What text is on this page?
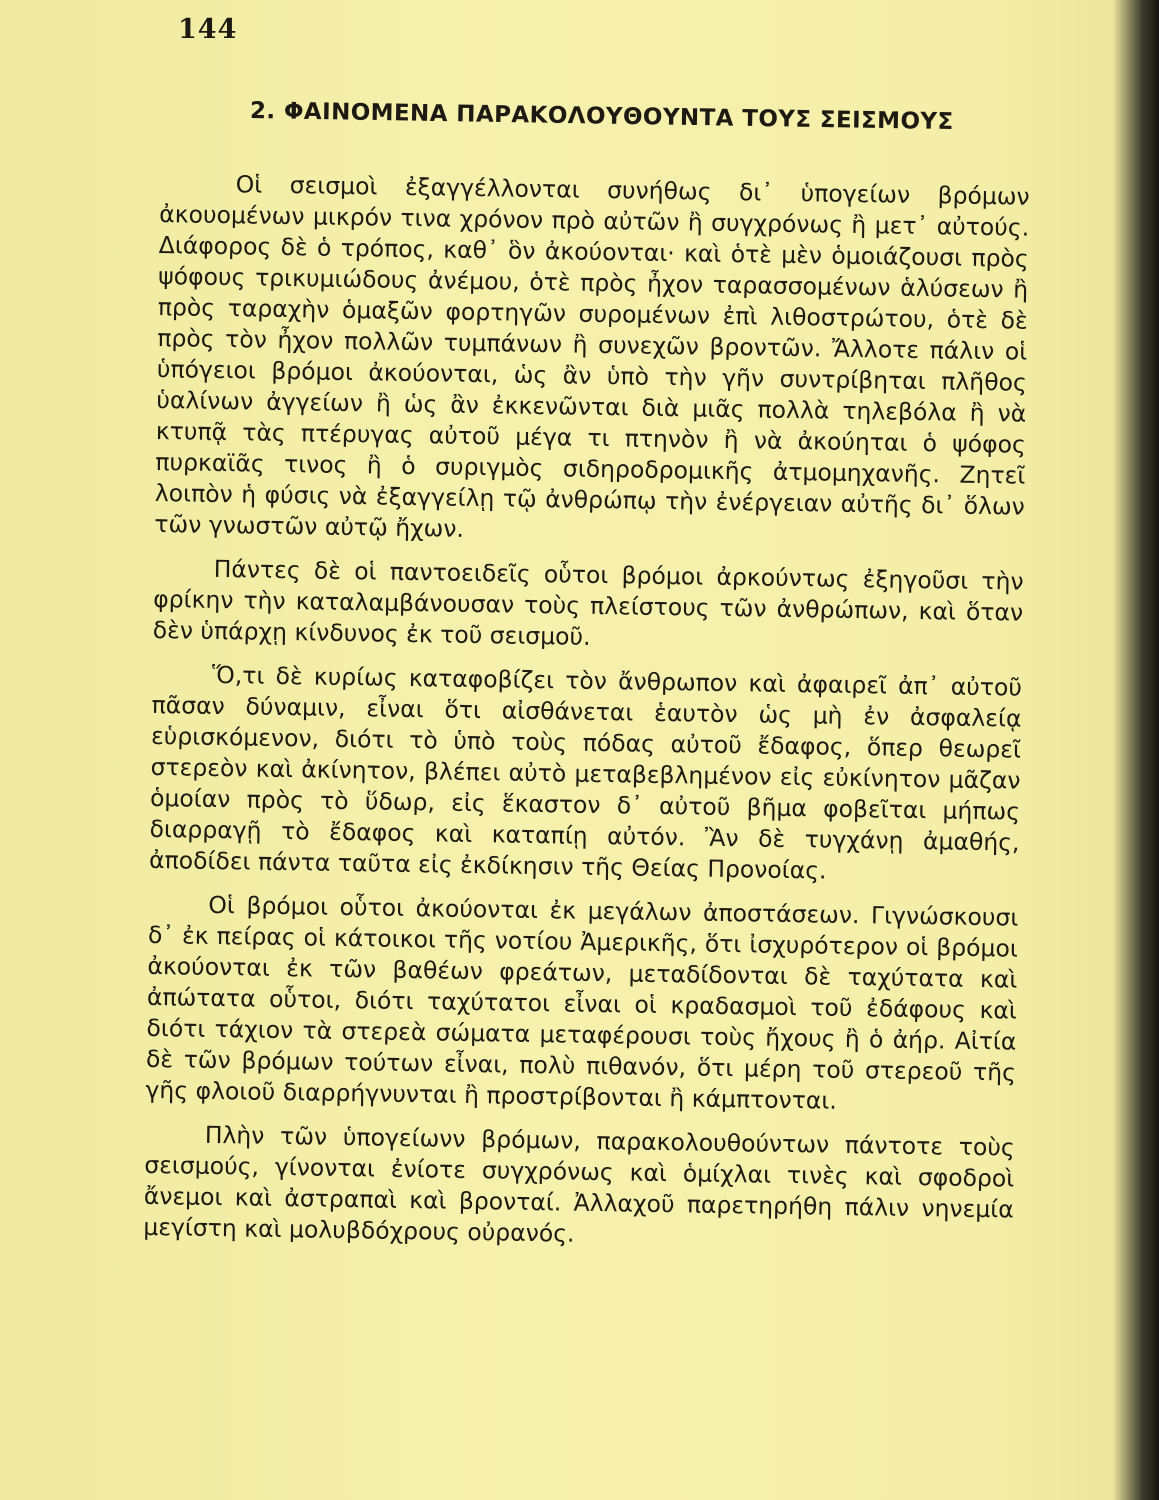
144
2. ΦΑΙΝΟΜΕΝΑ ΠΑΡΑΚΟΛΟΥΘΟΥΝΤΑ ΤΟΥΣ ΣΕΙΣΜΟΥΣ

Οἱ σεισμοὶ ἐξαγγέλλονται συνήθως δι᾽ ὑπογείων βρόμων ἀκουομένων μικρόν τινα χρόνον πρὸ αὐτῶν ἢ συγχρόνως ἢ μετ᾽ αὐτούς. Διάφορος δὲ ὁ τρόπος, καθ᾽ ὃν ἀκούονται· καὶ ὁτὲ μὲν ὁμοιάζουσι πρὸς ψόφους τρικυμιώδους ἀνέμου, ὁτὲ πρὸς ἦχον ταρασσομένων ἁλύσεων ἢ πρὸς ταραχὴν ὁμαξῶν φορτηγῶν συρομένων ἐπὶ λιθοστρώτου, ὁτὲ δὲ πρὸς τὸν ἦχον πολλῶν τυμπάνων ἢ συνεχῶν βροντῶν. Ἄλλοτε πάλιν οἱ ὑπόγειοι βρόμοι ἀκούονται, ὡς ἂν ὑπὸ τὴν γῆν συντρίβηται πλῆθος ὑαλίνων ἀγγείων ἢ ὡς ἂν ἐκκενῶνται διὰ μιᾶς πολλὰ τηλεβόλα ἢ νὰ κτυπᾷ τὰς πτέρυγας αὐτοῦ μέγα τι πτηνὸν ἢ νὰ ἀκούηται ὁ ψόφος πυρκαϊᾶς τινος ἢ ὁ συριγμὸς σιδηροδρομικῆς ἀτμομηχανῆς. Ζητεῖ λοιπὸν ἡ φύσις νὰ ἐξαγγείλῃ τῷ ἀνθρώπῳ τὴν ἐνέργειαν αὐτῆς δι᾽ ὅλων τῶν γνωστῶν αὐτῷ ἤχων.

Πάντες δὲ οἱ παντοειδεῖς οὗτοι βρόμοι ἀρκούντως ἐξηγοῦσι τὴν φρίκην τὴν καταλαμβάνουσαν τοὺς πλείστους τῶν ἀνθρώπων, καὶ ὅταν δὲν ὑπάρχῃ κίνδυνος ἐκ τοῦ σεισμοῦ.

Ὅ,τι δὲ κυρίως καταφοβίζει τὸν ἄνθρωπον καὶ ἀφαιρεῖ ἀπ᾽ αὐτοῦ πᾶσαν δύναμιν, εἶναι ὅτι αἰσθάνεται ἑαυτὸν ὡς μὴ ἐν ἀσφαλείᾳ εὑρισκόμενον, διότι τὸ ὑπὸ τοὺς πόδας αὐτοῦ ἔδαφος, ὅπερ θεωρεῖ στερεὸν καὶ ἀκίνητον, βλέπει αὐτὸ μεταβεβλημένον εἰς εὐκίνητον μᾶζαν ὁμοίαν πρὸς τὸ ὕδωρ, εἰς ἕκαστον δ᾽ αὐτοῦ βῆμα φοβεῖται μήπως διαρραγῇ τὸ ἔδαφος καὶ καταπίῃ αὐτόν. Ἂν δὲ τυγχάνῃ ἀμαθής, ἀποδίδει πάντα ταῦτα εἰς ἐκδίκησιν τῆς Θείας Προνοίας.

Οἱ βρόμοι οὗτοι ἀκούονται ἐκ μεγάλων ἀποστάσεων. Γιγνώσκουσι δ᾽ ἐκ πείρας οἱ κάτοικοι τῆς νοτίου Ἀμερικῆς, ὅτι ἰσχυρότερον οἱ βρόμοι ἀκούονται ἐκ τῶν βαθέων φρεάτων, μεταδίδονται δὲ ταχύτατα καὶ ἀπώτατα οὗτοι, διότι ταχύτατοι εἶναι οἱ κραδασμοὶ τοῦ ἐδάφους καὶ διότι τάχιον τὰ στερεὰ σώματα μεταφέρουσι τοὺς ἤχους ἢ ὁ ἀήρ. Αἰτία δὲ τῶν βρόμων τούτων εἶναι, πολὺ πιθανόν, ὅτι μέρη τοῦ στερεοῦ τῆς γῆς φλοιοῦ διαρρήγνυνται ἢ προστρίβονται ἢ κάμπτονται.

Πλὴν τῶν ὑπογείωνν βρόμων, παρακολουθούντων πάντοτε τοὺς σεισμούς, γίνονται ἐνίοτε συγχρόνως καὶ ὁμίχλαι τινὲς καὶ σφοδροὶ ἄνεμοι καὶ ἀστραπαὶ καὶ βρονταί. Ἀλλαχοῦ παρετηρήθη πάλιν νηνεμία μεγίστη καὶ μολυβδόχρους οὐρανός.
